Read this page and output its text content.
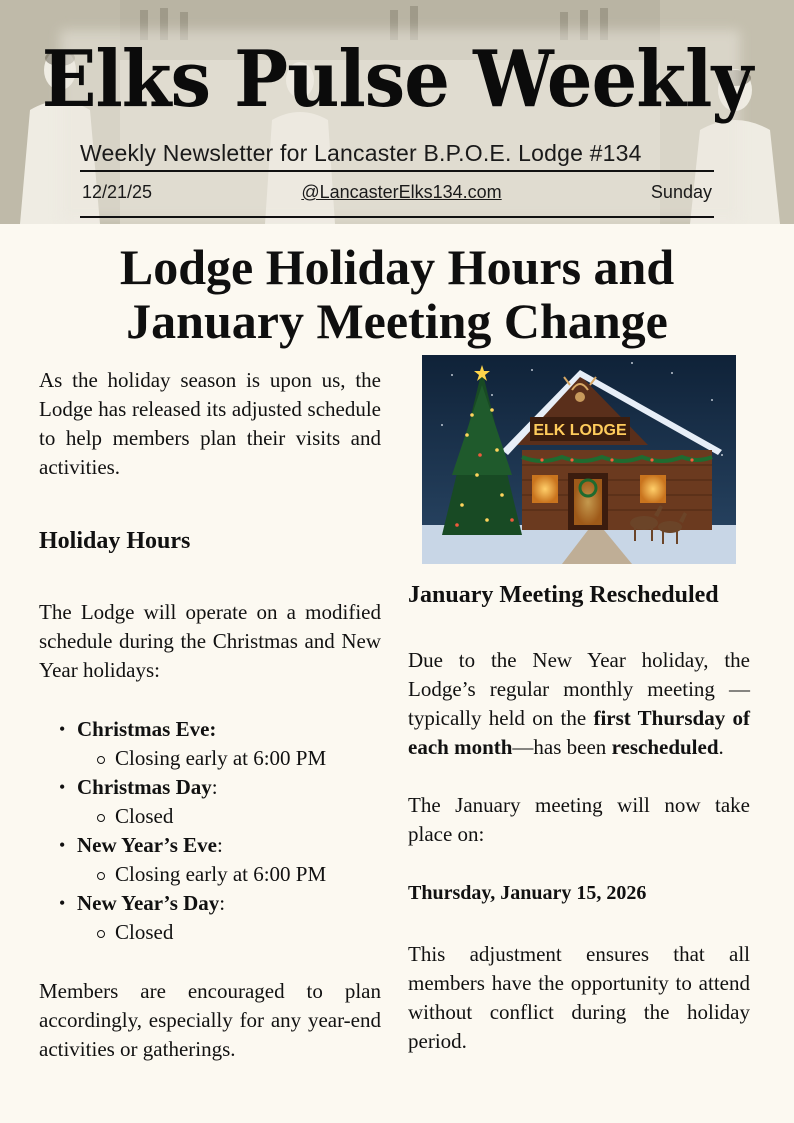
Elks Pulse Weekly
Weekly Newsletter for Lancaster B.P.O.E. Lodge #134
12/21/25	@LancasterElks134.com	Sunday
Lodge Holiday Hours and January Meeting Change

As the holiday season is upon us, the Lodge has released its adjusted schedule to help members plan their visits and activities.

Holiday Hours

The Lodge will operate on a modified schedule during the Christmas and New Year holidays:

• Christmas Eve:
Closing early at 6:00 PM
• Christmas Day:
Closed
• New Year’s Eve:
Closing early at 6:00 PM
• New Year’s Day:
Closed

Members are encouraged to plan accordingly, especially for any year-end activities or gatherings.

ELK LODGE
January Meeting Rescheduled

Due to the New Year holiday, the Lodge’s regular monthly meeting —typically held on the first Thursday of each month—has been rescheduled.

The January meeting will now take place on:

Thursday, January 15, 2026

This adjustment ensures that all members have the opportunity to attend without conflict during the holiday period.
